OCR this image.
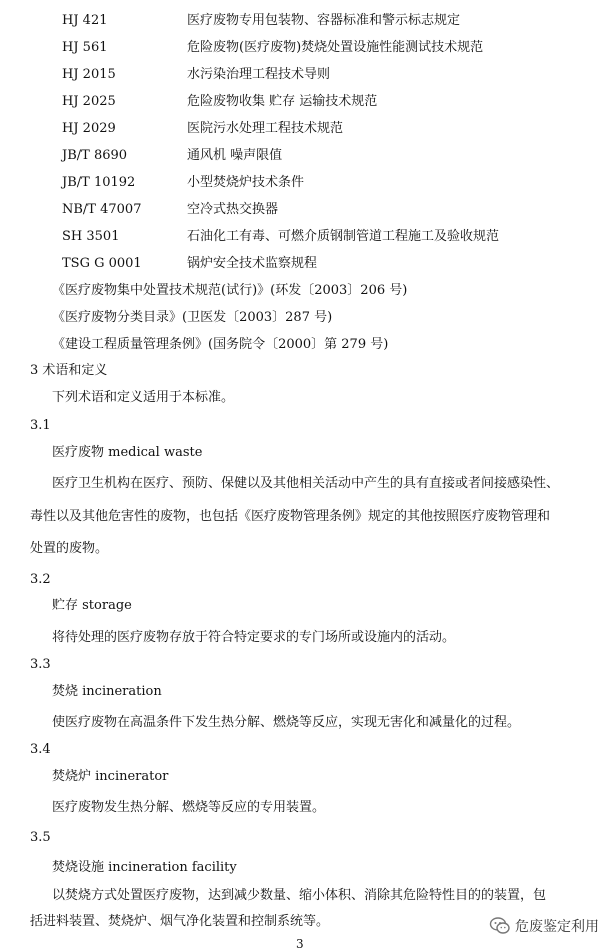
HJ 421	医疗废物专用包装物、容器标准和警示标志规定
HJ 561	危险废物(医疗废物)焚烧处置设施性能测试技术规范
HJ 2015	水污染治理工程技术导则
HJ 2025	危险废物收集 贮存 运输技术规范
HJ 2029	医院污水处理工程技术规范
JB/T 8690	通风机 噪声限值
JB/T 10192	小型焚烧炉技术条件
NB/T 47007	空冷式热交换器
SH 3501	石油化工有毒、可燃介质钢制管道工程施工及验收规范
TSG G 0001	锅炉安全技术监察规程
《医疗废物集中处置技术规范(试行)》(环发〔2003〕206 号)
《医疗废物分类目录》(卫医发〔2003〕287 号)
《建设工程质量管理条例》(国务院令〔2000〕第 279 号)
3 术语和定义
下列术语和定义适用于本标准。
3.1
医疗废物 medical waste
医疗卫生机构在医疗、预防、保健以及其他相关活动中产生的具有直接或者间接感染性、
毒性以及其他危害性的废物，也包括《医疗废物管理条例》规定的其他按照医疗废物管理和
处置的废物。
3.2
贮存 storage
将待处理的医疗废物存放于符合特定要求的专门场所或设施内的活动。
3.3
焚烧 incineration
使医疗废物在高温条件下发生热分解、燃烧等反应，实现无害化和减量化的过程。
3.4
焚烧炉 incinerator
医疗废物发生热分解、燃烧等反应的专用装置。
3.5
焚烧设施 incineration facility
以焚烧方式处置医疗废物，达到减少数量、缩小体积、消除其危险特性目的的装置，包
括进料装置、焚烧炉、烟气净化装置和控制系统等。	危废鉴定利用
3
